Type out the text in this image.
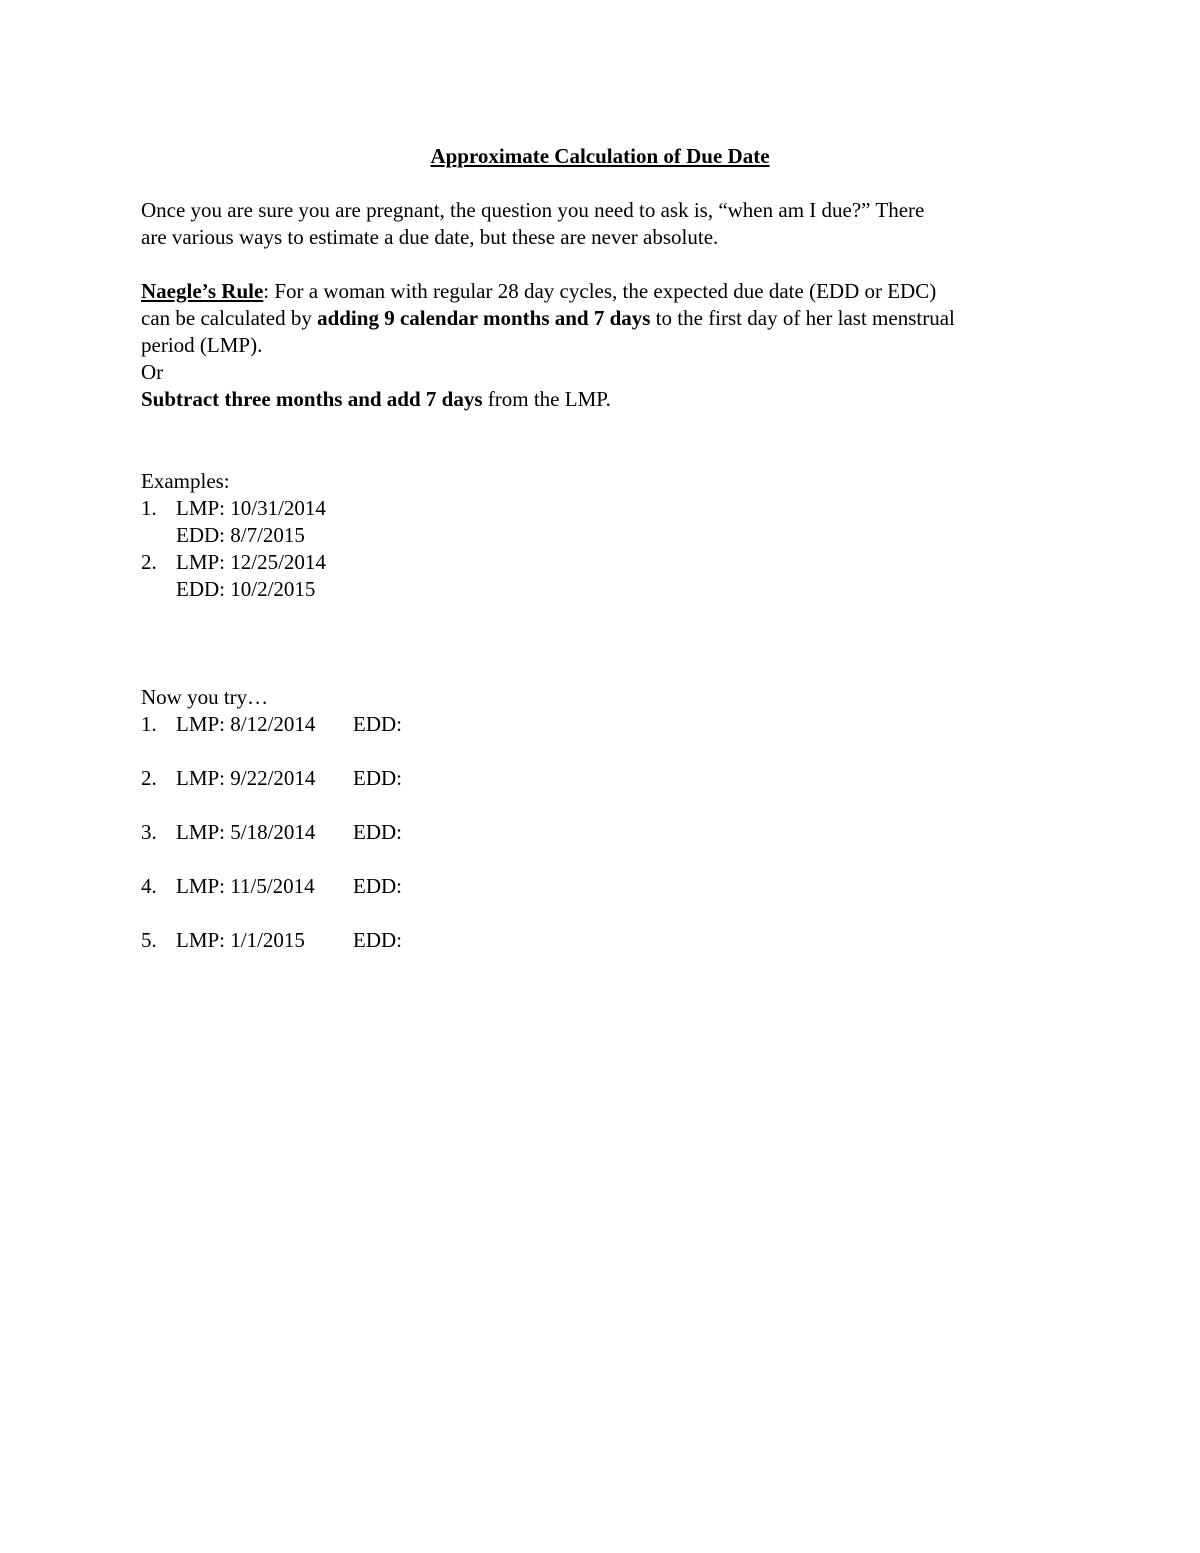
Approximate Calculation of Due Date
Once you are sure you are pregnant, the question you need to ask is, “when am I due?” There
are various ways to estimate a due date, but these are never absolute.
Naegle’s Rule: For a woman with regular 28 day cycles, the expected due date (EDD or EDC)
can be calculated by adding 9 calendar months and 7 days to the first day of her last menstrual
period (LMP).
Or
Subtract three months and add 7 days from the LMP.
Examples:
1. LMP: 10/31/2014
EDD: 8/7/2015
2. LMP: 12/25/2014
EDD: 10/2/2015
Now you try…
1. LMP: 8/12/2014 EDD:
2. LMP: 9/22/2014 EDD:
3. LMP: 5/18/2014 EDD:
4. LMP: 11/5/2014 EDD:
5. LMP: 1/1/2015 EDD:
